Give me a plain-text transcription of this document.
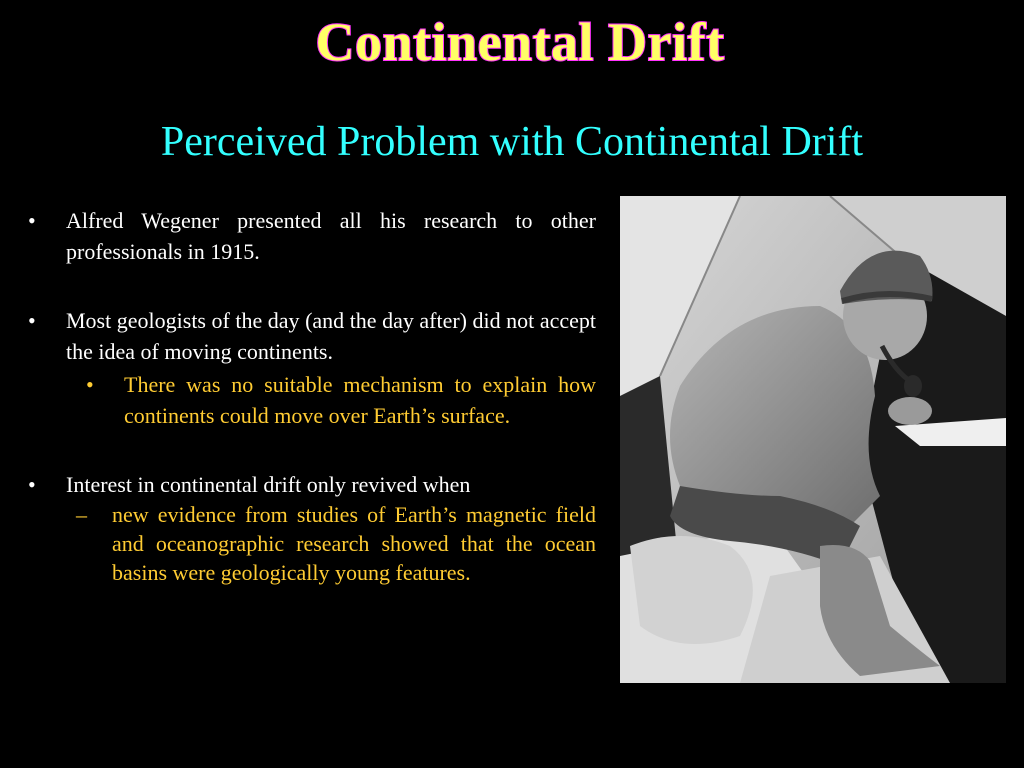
Continental Drift
Perceived Problem with Continental Drift
• Alfred Wegener presented all his research to other professionals in 1915.
• Most geologists of the day (and the day after) did not accept the idea of moving continents.
• There was no suitable mechanism to explain how continents could move over Earth’s surface.
• Interest in continental drift only revived when
– new evidence from studies of Earth’s magnetic field and oceanographic research showed that the ocean basins were geologically young features.
